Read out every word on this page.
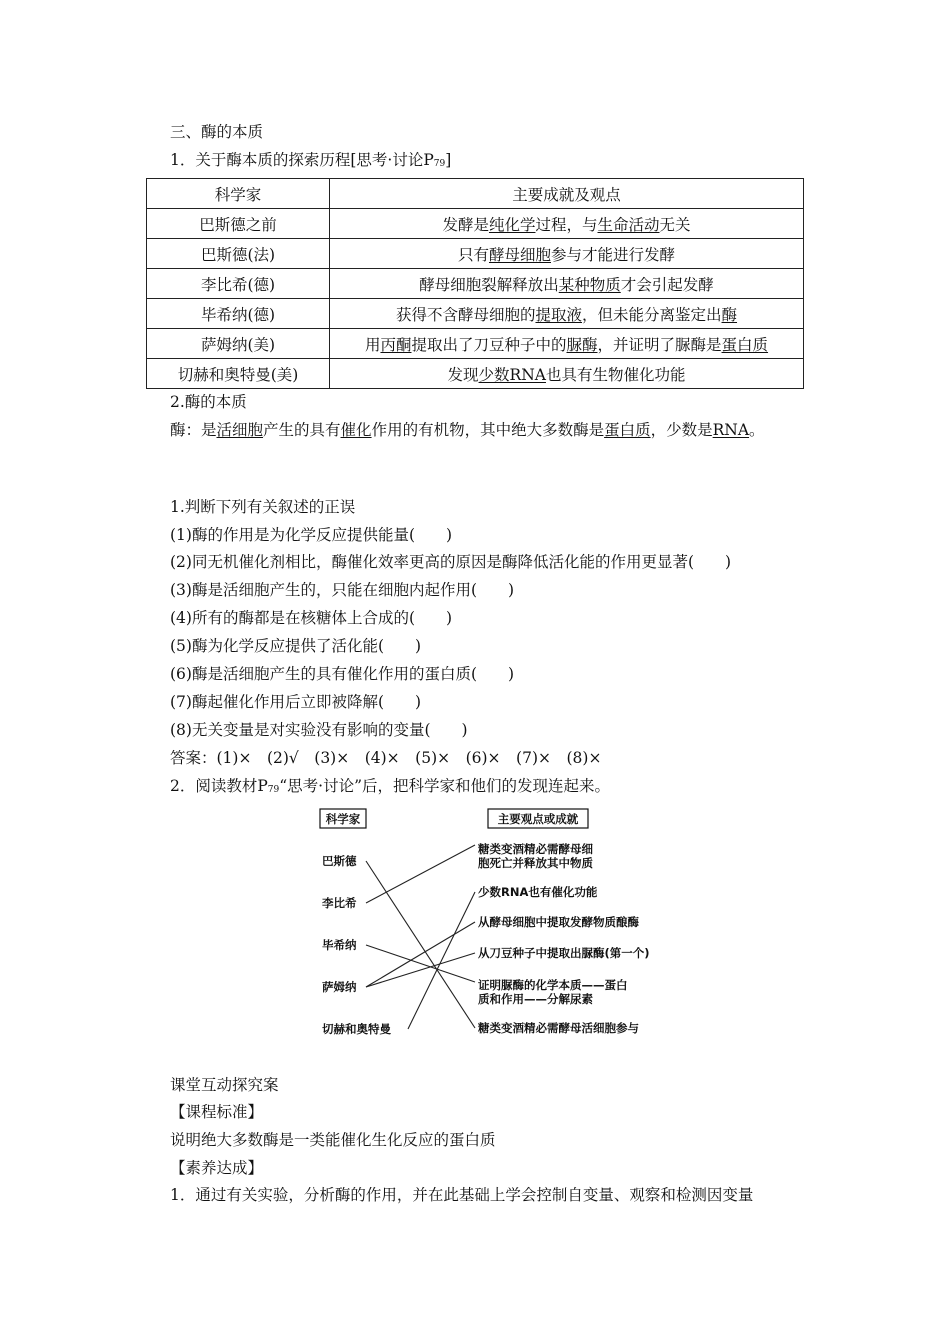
三、酶的本质
1．关于酶本质的探索历程[思考·讨论$P_{79}$]
科学家	主要成就及观点
巴斯德之前	发酵是纯化学过程，与生命活动无关
巴斯德(法)	只有酵母细胞参与才能进行发酵
李比希(德)	酵母细胞裂解释放出某种物质才会引起发酵
毕希纳(德)	获得不含酵母细胞的提取液，但未能分离鉴定出酶
萨姆纳(美)	用丙酮提取出了刀豆种子中的脲酶，并证明了脲酶是蛋白质
切赫和奥特曼(美)	发现少数RNA也具有生物催化功能
2.酶的本质
酶：是活细胞产生的具有催化作用的有机物，其中绝大多数酶是蛋白质，少数是RNA。
1.判断下列有关叙述的正误
(1)酶的作用是为化学反应提供能量(　　)
(2)同无机催化剂相比，酶催化效率更高的原因是酶降低活化能的作用更显著(　　)
(3)酶是活细胞产生的，只能在细胞内起作用(　　)
(4)所有的酶都是在核糖体上合成的(　　)
(5)酶为化学反应提供了活化能(　　)
(6)酶是活细胞产生的具有催化作用的蛋白质(　　)
(7)酶起催化作用后立即被降解(　　)
(8)无关变量是对实验没有影响的变量(　　)
答案：(1)×　(2)√　(3)×　(4)×　(5)×　(6)×　(7)×　(8)×
2．阅读教材$P_{79}“$思考·讨论”后，把科学家和他们的发现连起来。
科学家	主要观点或成就
巴斯德
李比希
毕希纳
萨姆纳
切赫和奥特曼
糖类变酒精必需酵母细
胞死亡并释放其中物质
少数RNA也有催化功能
从酵母细胞中提取发酵物质酿酶
从刀豆种子中提取出脲酶(第一个)
证明脲酶的化学本质——蛋白
质和作用——分解尿素
糖类变酒精必需酵母活细胞参与
课堂互动探究案
【课程标准】
说明绝大多数酶是一类能催化生化反应的蛋白质
【素养达成】
1．通过有关实验，分析酶的作用，并在此基础上学会控制自变量、观察和检测因变量
